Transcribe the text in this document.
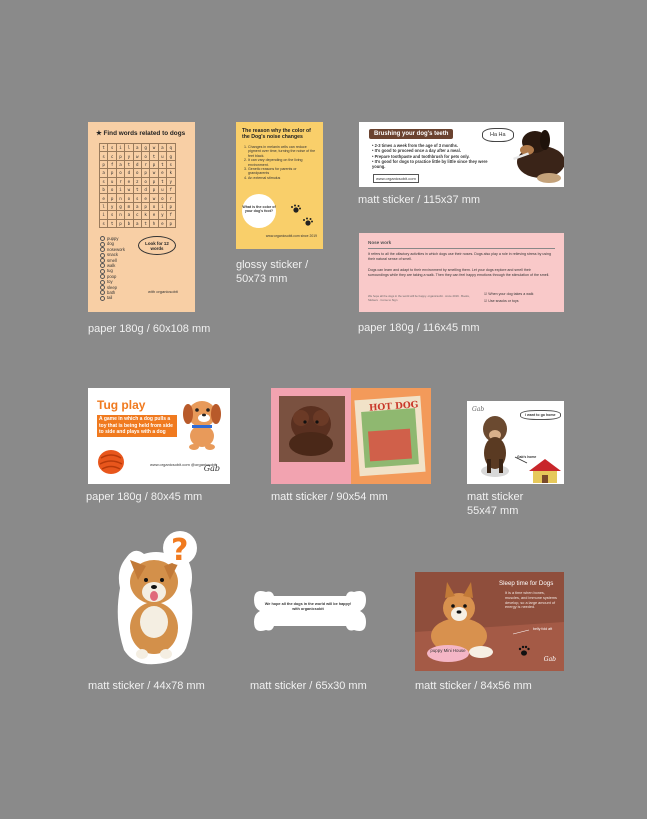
★ Find words related to dogs
t	s	i	l	a	g	w	a	q
s	c	p	y	w	o	t	u	g
p	f	a	t	d	r	p	t	s
a	p	o	d	o	p	w	e	k
s	u	r	e	z	o	p	t	y
b	o	i	w	t	d	p	u	f
e	p	n	o	s	e	w	o	r
l	y	g	m	a	p	o	i	p
i	s	n	a	c	k	e	y	f
s	t	p	b	a	t	h	e	p
puppy
dog
nosework
snack
smell
walk
tug
poop
toy
sleep
bath
tail
Look for 12 words
with organicsobit
paper 180g / 60x108 mm
The reason why the color of the Dog's noise changes
1. Changes in melanin cells can reduce pigment over time, turning the noise of the feet black.
2. It can vary depending on the living environment.
3. Genetic reasons for parents or grandparents
4. An external stimulus
What is the color of your dog's foot?
www.organicsobit.com since 2019
glossy sticker / 50x73 mm
Brushing your dog's teeth
• 2-3 times a week from the age of 3 months.
• It's good to proceed once a day after a meal.
• Prepare toothpaste and toothbrush for pets only.
• It's good for dogs to practice little by little since they were young.
www.organicsobit.com
Ha Ha
matt sticker / 115x37 mm
Nose work
It refers to all the olfactory activities in which dogs use their noses. Dogs also play a role in relieving stress by using their natural sense of smell.
Dogs can learn and adapt to their environment by smelling them. Let your dogs explore and smell their surroundings while they are taking a walk. Then they can feel happy emotions through the stimulation of the smell.
We hope all the dogs in the world will be happy. organicsobit · since 2019 · Books, Stickers · Come to Sign
☑ When your dog takes a walk
☑ Use snacks or toys
paper 180g / 116x45 mm
Tug play
A game in which a dog pulls a toy that is being held from side to side and plays with a dog
www.organicsobit.com @organicsobit
Gab
paper 180g / 80x45 mm
HOT DOG
matt sticker / 90x54 mm
Gab
I want to go home
Gab's home
matt sticker 55x47 mm
?
matt sticker / 44x78 mm
We hope all the dogs in the world will be happy! with organicsobit
matt sticker / 65x30 mm
Sleep time for Dogs
It is a time when bones, muscles, and immune systems develop, so a large amount of energy is needed.
belly fold aft
puppy Mini House
Gab
matt sticker / 84x56 mm
